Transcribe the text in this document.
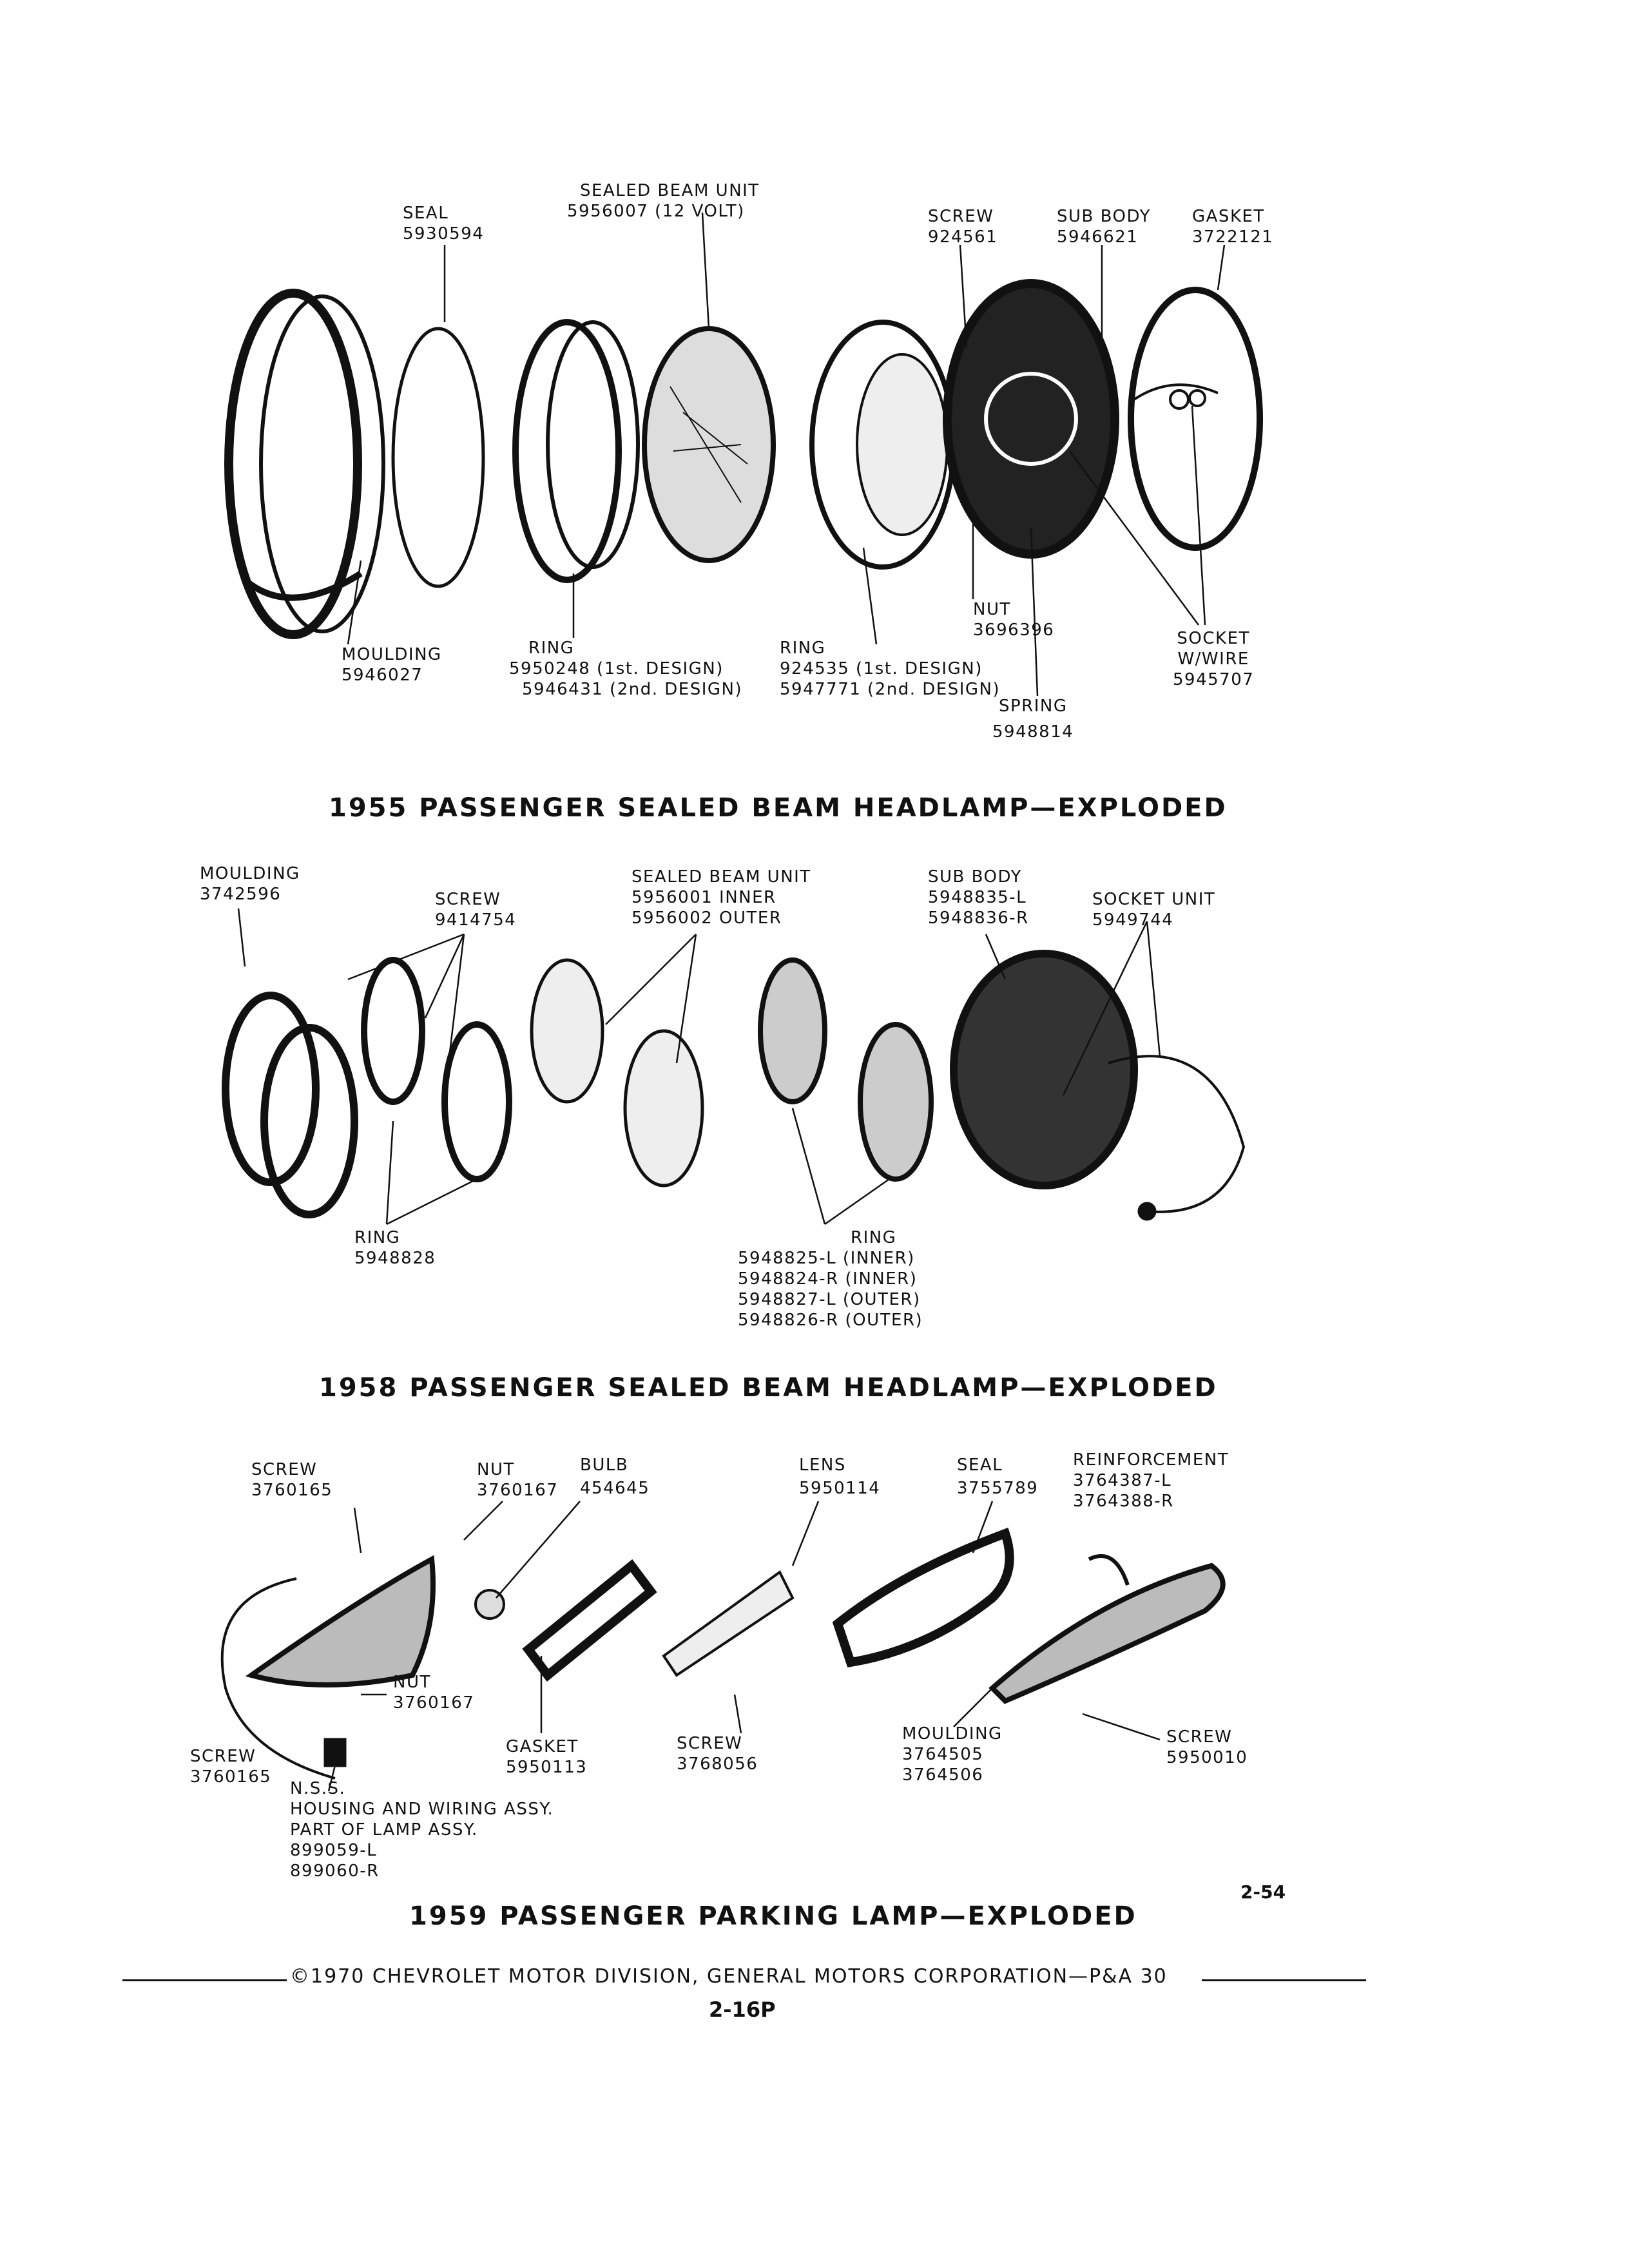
SEAL
5930594
SEALED BEAM UNIT
5956007 (12 VOLT)	SCREW
924561
SUB BODY
5946621
GASKET
3722121
MOULDING
5946027
RING
5950248 (1st. DESIGN)
5946431 (2nd. DESIGN)
RING
924535 (1st. DESIGN)
5947771 (2nd. DESIGN)
NUT
3696396
SPRING
5948814
SOCKET
W/WIRE
5945707
1955 PASSENGER SEALED BEAM HEADLAMP—EXPLODED
MOULDING
3742596	SCREW
9414754
SEALED BEAM UNIT
5956001 INNER
5956002 OUTER
SUB BODY
5948835-L
5948836-R
SOCKET UNIT
5949744
RING
5948828
RING
5948825-L (INNER)
5948824-R (INNER)
5948827-L (OUTER)
5948826-R (OUTER)
1958 PASSENGER SEALED BEAM HEADLAMP—EXPLODED
SCREW
3760165
NUT
3760167
BULB
454645
LENS
5950114
SEAL
3755789
REINFORCEMENT
3764387-L
3764388-R
NUT
3760167
SCREW
3760165
GASKET
5950113
SCREW
3768056
MOULDING
3764505
3764506
SCREW
5950010
N.S.S.
HOUSING AND WIRING ASSY.
PART OF LAMP ASSY.
899059-L
899060-R
2-54
1959 PASSENGER PARKING LAMP—EXPLODED
©1970 CHEVROLET MOTOR DIVISION, GENERAL MOTORS CORPORATION—P&A 30
2-16P
